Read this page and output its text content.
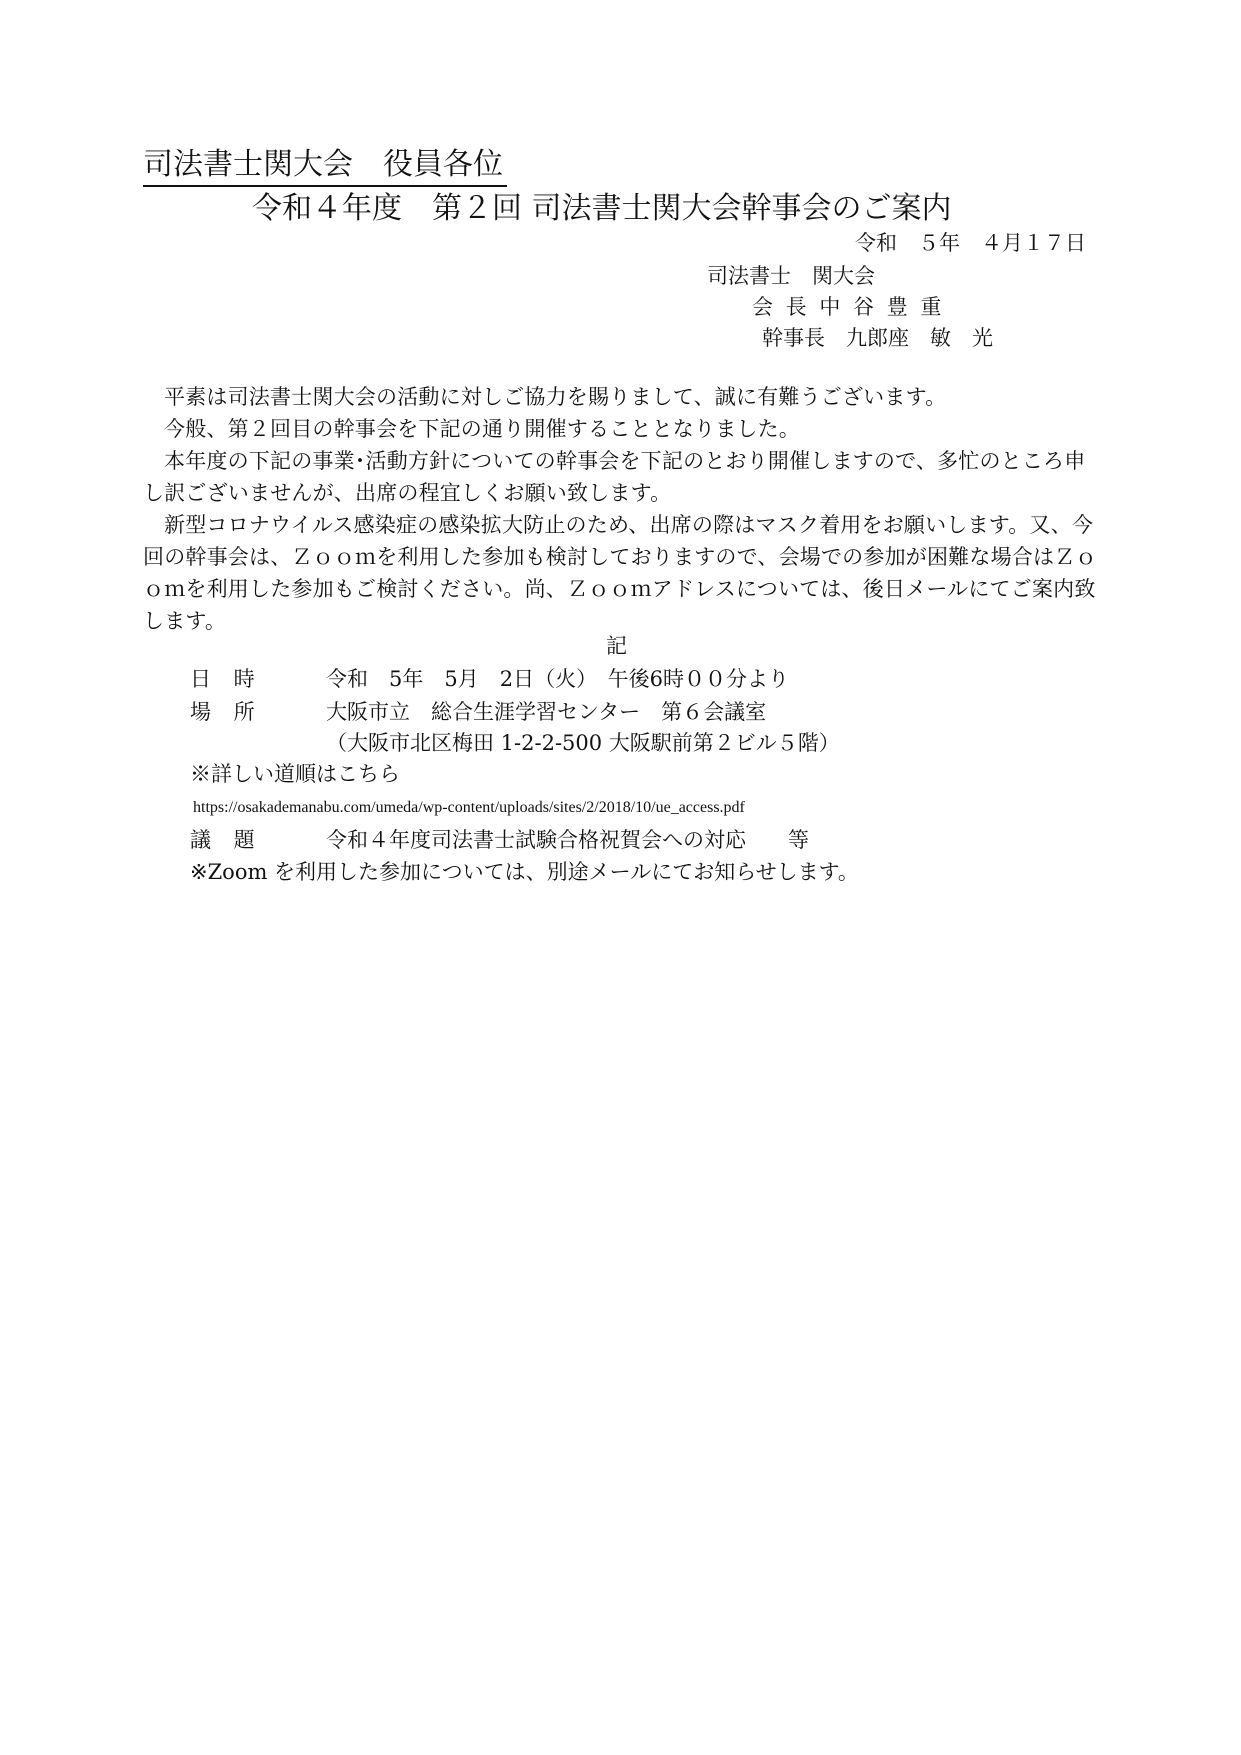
司法書士関大会　役員各位
令和４年度　第２回 司法書士関大会幹事会のご案内
令和　５年　４月１７日
司法書士　関大会
会 長 中 谷 豊 重
幹事長　九郎座　敏　光

平素は司法書士関大会の活動に対しご協力を賜りまして、誠に有難うございます。

今般、第２回目の幹事会を下記の通り開催することとなりました。

本年度の下記の事業･活動方針についての幹事会を下記のとおり開催しますので、多忙のところ申し訳ございませんが、出席の程宜しくお願い致します。

新型コロナウイルス感染症の感染拡大防止のため、出席の際はマスク着用をお願いします。又、今回の幹事会は、Ｚｏｏｍを利用した参加も検討しておりますので、会場での参加が困難な場合はＺｏｏｍを利用した参加もご検討ください。尚、Ｚｏｏｍアドレスについては、後日メールにてご案内致します。

記
日 時	令和　5年　5月　2日（火）　午後6時００分より
場 所	大阪市立　総合生涯学習センター　第６会議室
（大阪市北区梅田 1-2-2-500 大阪駅前第２ビル５階）
※詳しい道順はこちら
https://osakademanabu.com/umeda/wp-content/uploads/sites/2/2018/10/ue_access.pdf
議 題	令和４年度司法書士試験合格祝賀会への対応　　等
※Zoom を利用した参加については、別途メールにてお知らせします。
